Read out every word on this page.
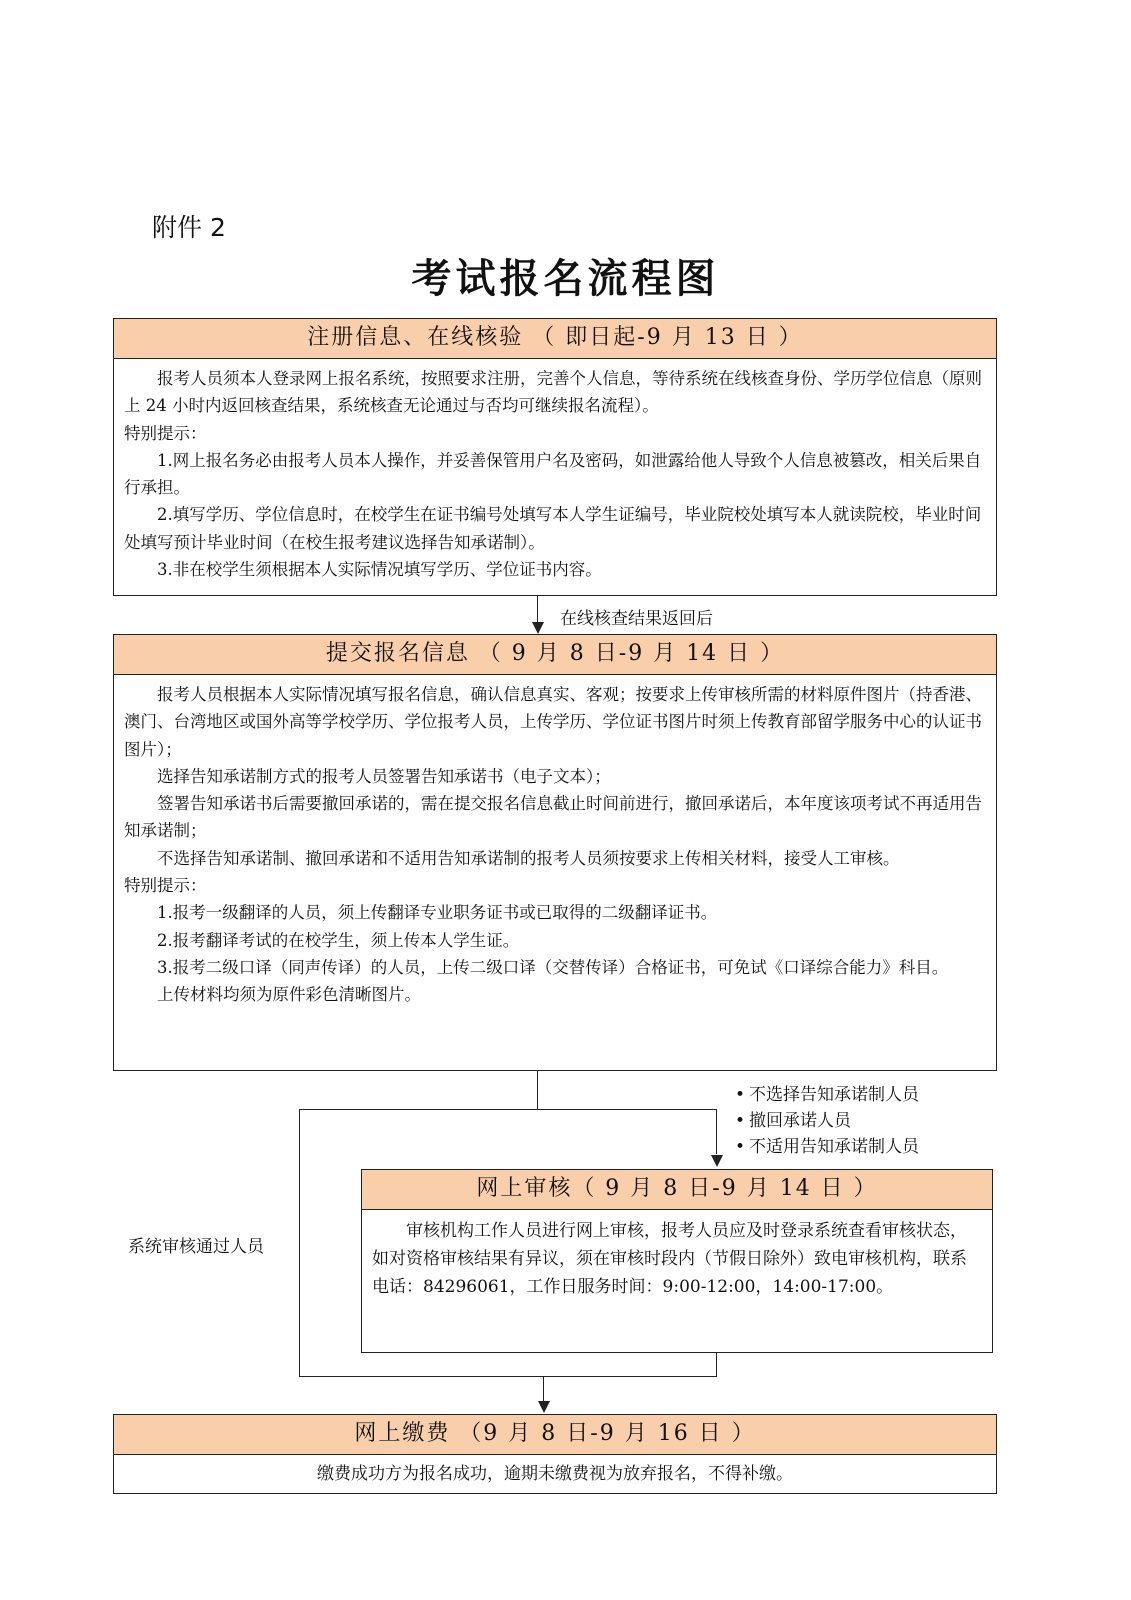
附件 2
考试报名流程图
注册信息、在线核验 （ 即日起-9 月 13 日 ）

报考人员须本人登录网上报名系统，按照要求注册，完善个人信息，等待系统在线核查身份、学历学位信息（原则上 24 小时内返回核查结果，系统核查无论通过与否均可继续报名流程）。

特别提示：

1.网上报名务必由报考人员本人操作，并妥善保管用户名及密码，如泄露给他人导致个人信息被篡改，相关后果自行承担。

2.填写学历、学位信息时，在校学生在证书编号处填写本人学生证编号，毕业院校处填写本人就读院校，毕业时间处填写预计毕业时间（在校生报考建议选择告知承诺制）。

3.非在校学生须根据本人实际情况填写学历、学位证书内容。

在线核查结果返回后
提交报名信息 （ 9 月 8 日-9 月 14 日 ）

报考人员根据本人实际情况填写报名信息，确认信息真实、客观；按要求上传审核所需的材料原件图片（持香港、澳门、台湾地区或国外高等学校学历、学位报考人员，上传学历、学位证书图片时须上传教育部留学服务中心的认证书图片）；

选择告知承诺制方式的报考人员签署告知承诺书（电子文本）；

签署告知承诺书后需要撤回承诺的，需在提交报名信息截止时间前进行，撤回承诺后，本年度该项考试不再适用告知承诺制；

不选择告知承诺制、撤回承诺和不适用告知承诺制的报考人员须按要求上传相关材料，接受人工审核。

特别提示：

1.报考一级翻译的人员，须上传翻译专业职务证书或已取得的二级翻译证书。

2.报考翻译考试的在校学生，须上传本人学生证。

3.报考二级口译（同声传译）的人员，上传二级口译（交替传译）合格证书，可免试《口译综合能力》科目。

上传材料均须为原件彩色清晰图片。

• 不选择告知承诺制人员
• 撤回承诺人员
• 不适用告知承诺制人员
系统审核通过人员
网上审核（ 9 月 8 日-9 月 14 日 ）

审核机构工作人员进行网上审核，报考人员应及时登录系统查看审核状态，如对资格审核结果有异议，须在审核时段内（节假日除外）致电审核机构，联系电话：84296061，工作日服务时间：9:00-12:00，14:00-17:00。

网上缴费 （9 月 8 日-9 月 16 日 ）
缴费成功方为报名成功，逾期未缴费视为放弃报名，不得补缴。
